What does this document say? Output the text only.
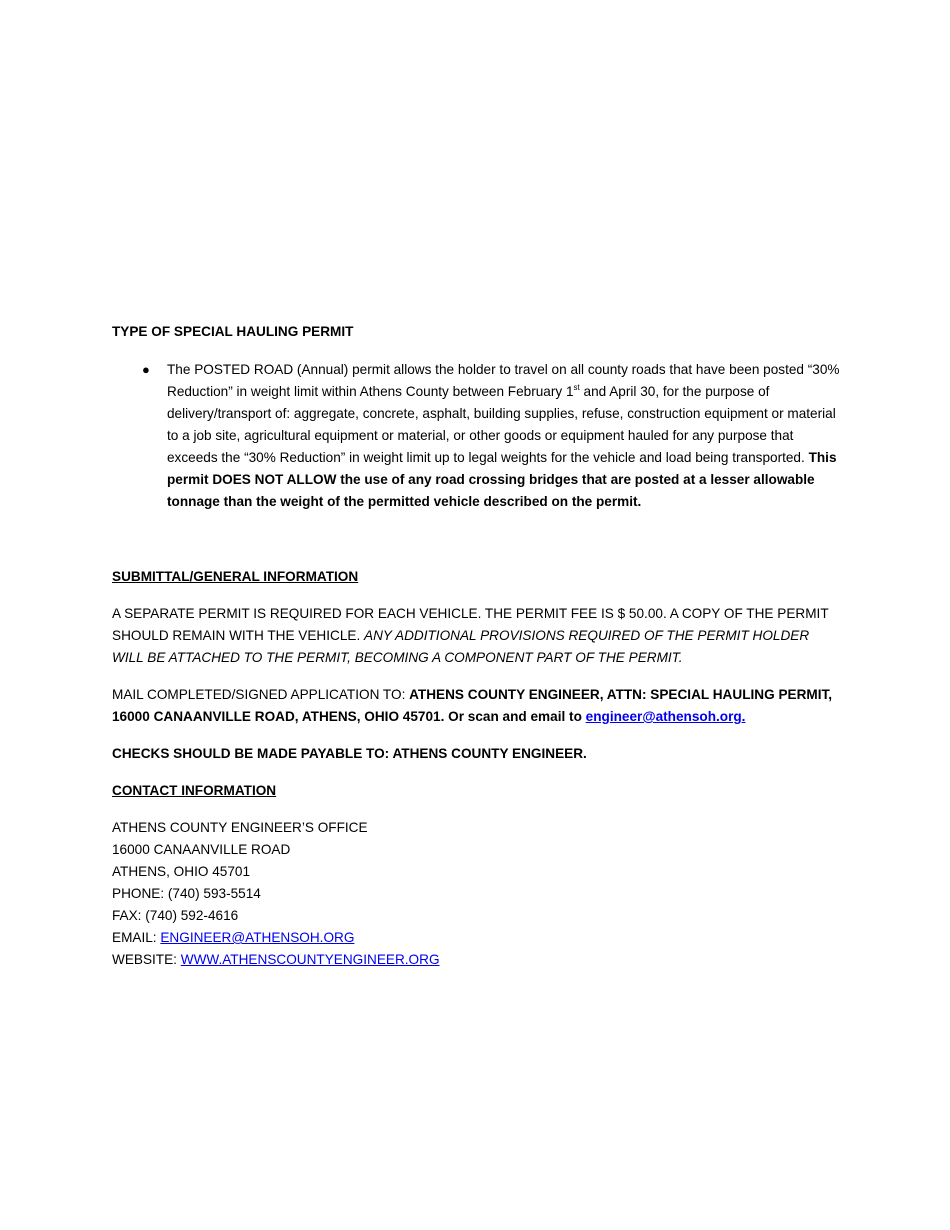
TYPE OF SPECIAL HAULING PERMIT

● The POSTED ROAD (Annual) permit allows the holder to travel on all county roads that have been posted “30% Reduction” in weight limit within Athens County between February 1st and April 30, for the purpose of delivery/transport of: aggregate, concrete, asphalt, building supplies, refuse, construction equipment or material to a job site, agricultural equipment or material, or other goods or equipment hauled for any purpose that exceeds the “30% Reduction” in weight limit up to legal weights for the vehicle and load being transported. This permit DOES NOT ALLOW the use of any road crossing bridges that are posted at a lesser allowable tonnage than the weight of the permitted vehicle described on the permit.

SUBMITTAL/GENERAL INFORMATION

A SEPARATE PERMIT IS REQUIRED FOR EACH VEHICLE. THE PERMIT FEE IS $ 50.00. A COPY OF THE PERMIT SHOULD REMAIN WITH THE VEHICLE. ANY ADDITIONAL PROVISIONS REQUIRED OF THE PERMIT HOLDER WILL BE ATTACHED TO THE PERMIT, BECOMING A COMPONENT PART OF THE PERMIT.

MAIL COMPLETED/SIGNED APPLICATION TO: ATHENS COUNTY ENGINEER, ATTN: SPECIAL HAULING PERMIT, 16000 CANAANVILLE ROAD, ATHENS, OHIO 45701. Or scan and email to engineer@athensoh.org.

CHECKS SHOULD BE MADE PAYABLE TO: ATHENS COUNTY ENGINEER.

CONTACT INFORMATION

ATHENS COUNTY ENGINEER’S OFFICE
16000 CANAANVILLE ROAD
ATHENS, OHIO 45701
PHONE: (740) 593-5514
FAX: (740) 592-4616
EMAIL: ENGINEER@ATHENSOH.ORG
WEBSITE: WWW.ATHENSCOUNTYENGINEER.ORG
